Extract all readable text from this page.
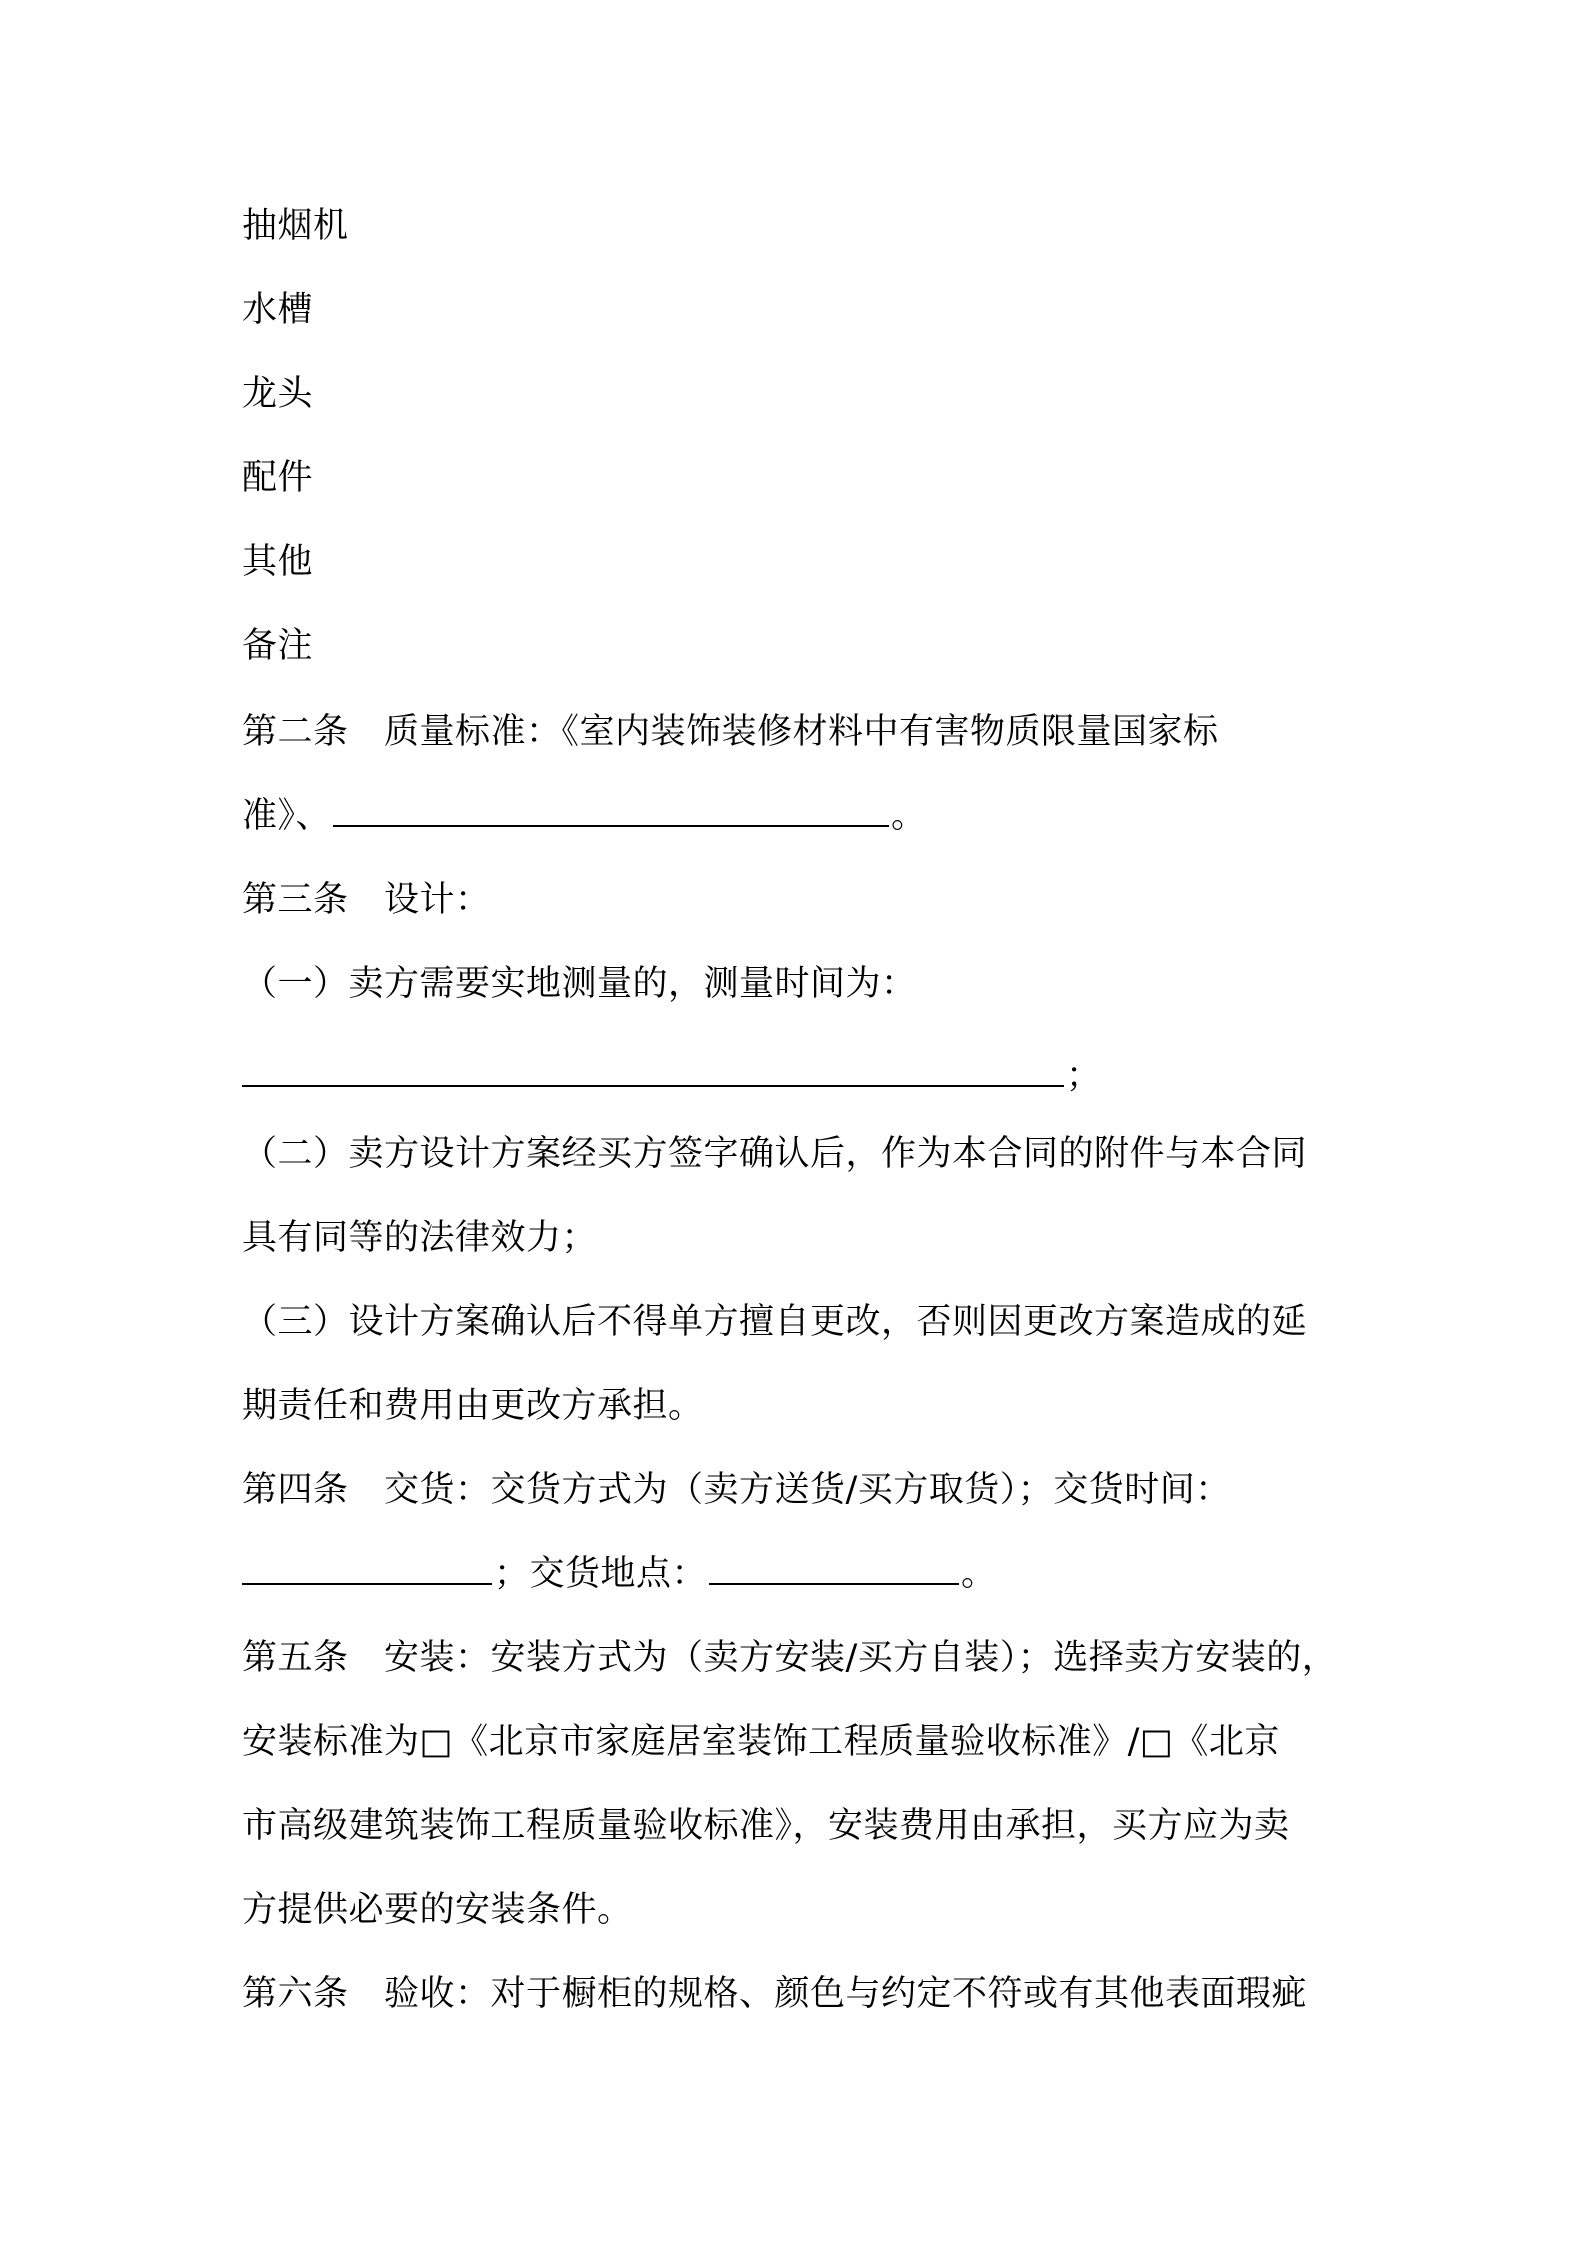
抽烟机
水槽
龙头
配件
其他
备注
第二条　质量标准：《室内装饰装修材料中有害物质限量国家标
准》、	。
第三条　设计：
（一）卖方需要实地测量的，测量时间为：
；
（二）卖方设计方案经买方签字确认后，作为本合同的附件与本合同
具有同等的法律效力；
（三）设计方案确认后不得单方擅自更改，否则因更改方案造成的延
期责任和费用由更改方承担。
第四条　交货：交货方式为（卖方送货/买方取货）；交货时间：
；交货地点：	。
第五条　安装：安装方式为（卖方安装/买方自装）；选择卖方安装的，
安装标准为□《北京市家庭居室装饰工程质量验收标准》/□《北京
市高级建筑装饰工程质量验收标准》，安装费用由承担，买方应为卖
方提供必要的安装条件。
第六条　验收：对于橱柜的规格、颜色与约定不符或有其他表面瑕疵
